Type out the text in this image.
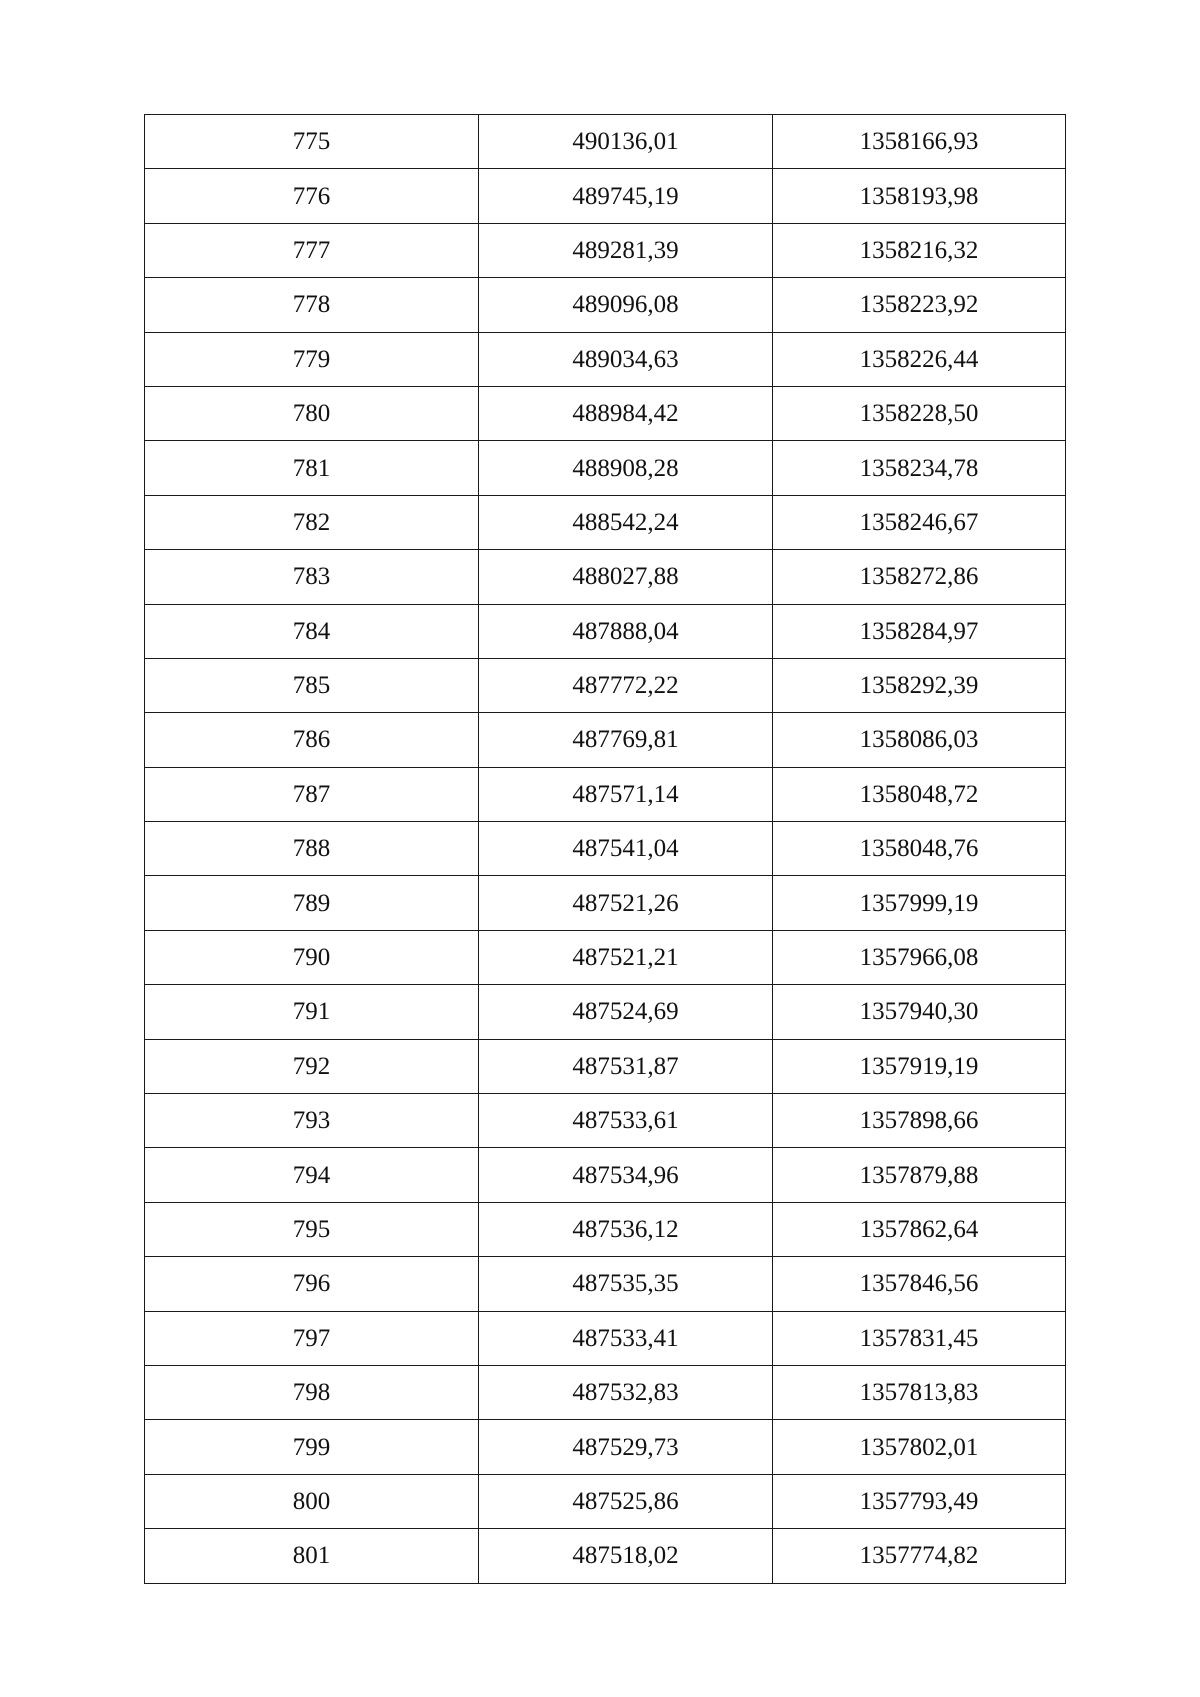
775	490136,01	1358166,93
776	489745,19	1358193,98
777	489281,39	1358216,32
778	489096,08	1358223,92
779	489034,63	1358226,44
780	488984,42	1358228,50
781	488908,28	1358234,78
782	488542,24	1358246,67
783	488027,88	1358272,86
784	487888,04	1358284,97
785	487772,22	1358292,39
786	487769,81	1358086,03
787	487571,14	1358048,72
788	487541,04	1358048,76
789	487521,26	1357999,19
790	487521,21	1357966,08
791	487524,69	1357940,30
792	487531,87	1357919,19
793	487533,61	1357898,66
794	487534,96	1357879,88
795	487536,12	1357862,64
796	487535,35	1357846,56
797	487533,41	1357831,45
798	487532,83	1357813,83
799	487529,73	1357802,01
800	487525,86	1357793,49
801	487518,02	1357774,82
